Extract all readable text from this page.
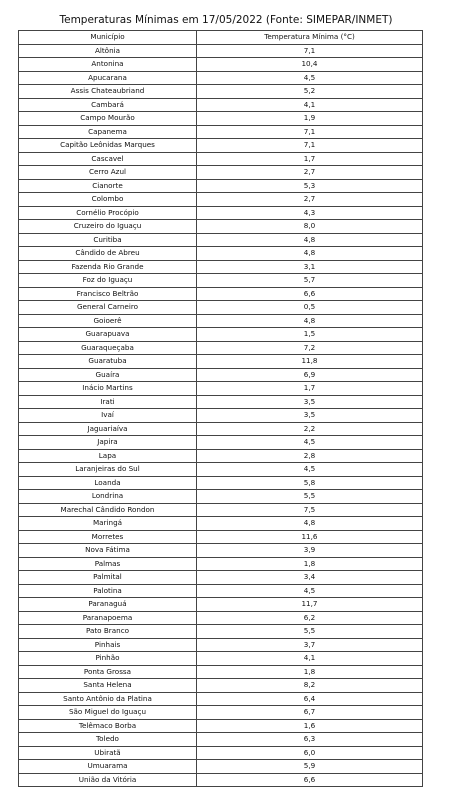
Temperaturas Mínimas em 17/05/2022 (Fonte: SIMEPAR/INMET)
Município	Temperatura Mínima (°C)
Altônia	7,1
Antonina	10,4
Apucarana	4,5
Assis Chateaubriand	5,2
Cambará	4,1
Campo Mourão	1,9
Capanema	7,1
Capitão Leônidas Marques	7,1
Cascavel	1,7
Cerro Azul	2,7
Cianorte	5,3
Colombo	2,7
Cornélio Procópio	4,3
Cruzeiro do Iguaçu	8,0
Curitiba	4,8
Cândido de Abreu	4,8
Fazenda Rio Grande	3,1
Foz do Iguaçu	5,7
Francisco Beltrão	6,6
General Carneiro	0,5
Goioerê	4,8
Guarapuava	1,5
Guaraqueçaba	7,2
Guaratuba	11,8
Guaíra	6,9
Inácio Martins	1,7
Irati	3,5
Ivaí	3,5
Jaguariaíva	2,2
Japira	4,5
Lapa	2,8
Laranjeiras do Sul	4,5
Loanda	5,8
Londrina	5,5
Marechal Cândido Rondon	7,5
Maringá	4,8
Morretes	11,6
Nova Fátima	3,9
Palmas	1,8
Palmital	3,4
Palotina	4,5
Paranaguá	11,7
Paranapoema	6,2
Pato Branco	5,5
Pinhais	3,7
Pinhão	4,1
Ponta Grossa	1,8
Santa Helena	8,2
Santo Antônio da Platina	6,4
São Miguel do Iguaçu	6,7
Telêmaco Borba	1,6
Toledo	6,3
Ubiratã	6,0
Umuarama	5,9
União da Vitória	6,6
